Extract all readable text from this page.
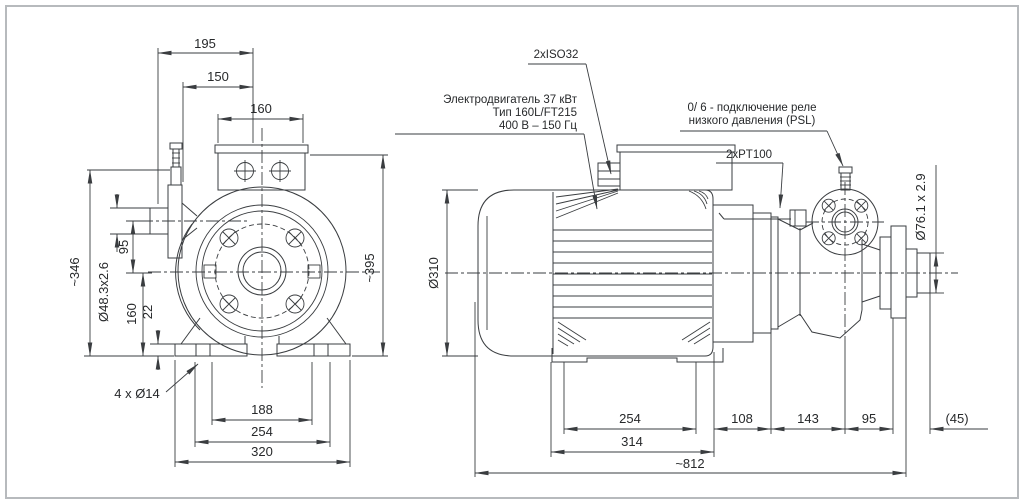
195
150
160
~346 Ø48.3x2.6
95
160 22
~395
188
254
320
4 x Ø14
Ø310
Ø76.1 x 2.9
Электродвигатель 37 кВт
Тип 160L/FT215
400 В – 150 Гц
2xISO32
0/ 6 - подключение реле
низкого давления (PSL)
2xPT100
254	108	143	95	(45)
314
~812
